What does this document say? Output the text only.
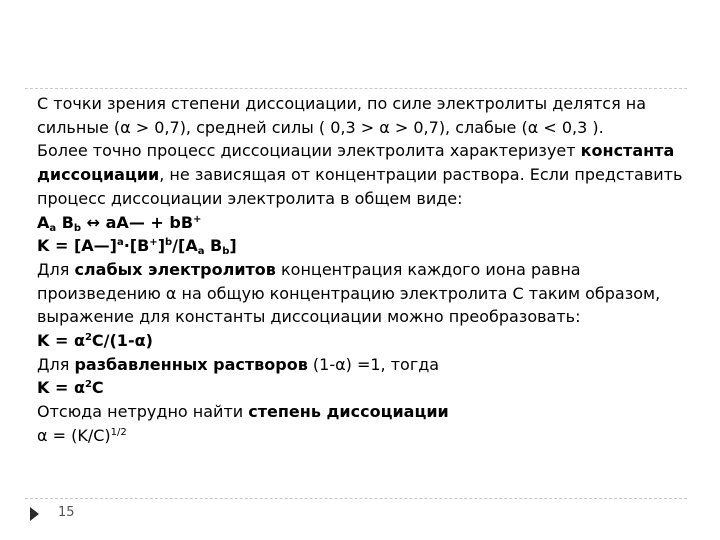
С точки зрения степени диссоциации, по силе электролиты делятся на
сильные (α > 0,7), средней силы ( 0,3 > α > 0,7), слабые (α < 0,3 ).
Более точно процесс диссоциации электролита характеризует константа
диссоциации, не зависящая от концентрации раствора. Если представить
процесс диссоциации электролита в общем виде:
$A_a$ $B_b$ ↔ aA— + bB+
$K = [A—]^a\cdot[B^+]^b/[A_a$ $B_b$]
Для слабых электролитов концентрация каждого иона равна
произведению α на общую концентрацию электролита С таким образом,
выражение для константы диссоциации можно преобразовать:
$K = \alpha^2C/(1-\alpha)$
Для разбавленных растворов (1-α) =1, тогда
$K = \alpha^2C$
Отсюда нетрудно найти степень диссоциации
$\alpha = (K/C)^{1/2}$
15
